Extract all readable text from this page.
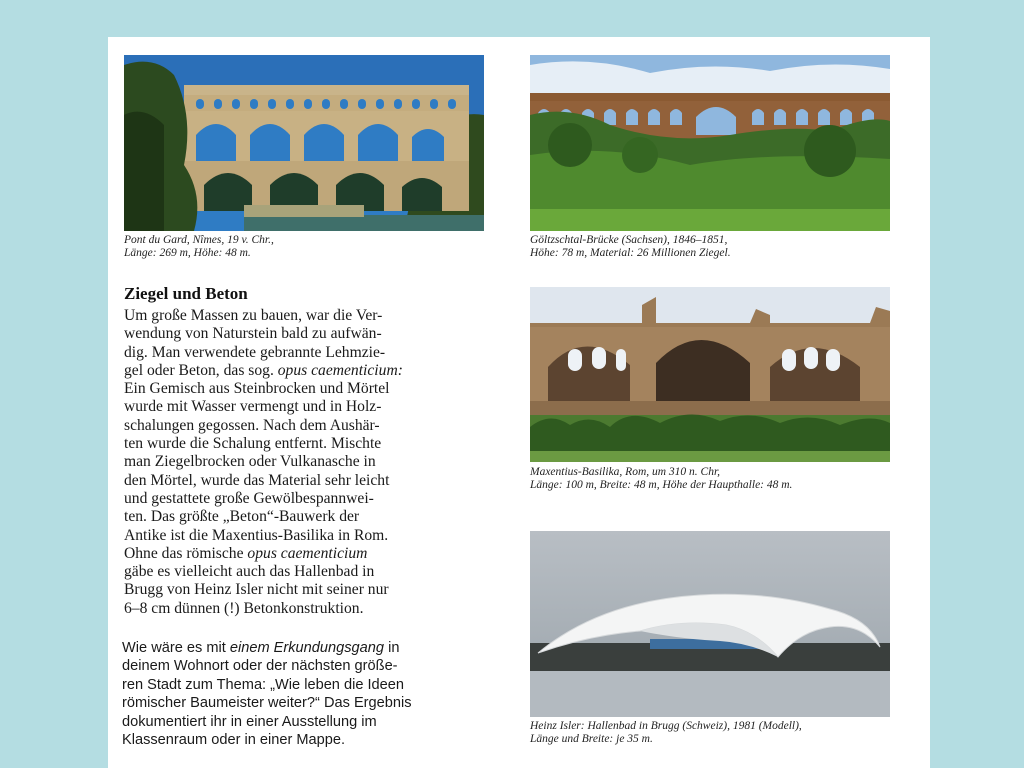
Pont du Gard, Nîmes, 19 v. Chr.,
Länge: 269 m, Höhe: 48 m.
Göltzschtal-Brücke (Sachsen), 1846–1851,
Höhe: 78 m, Material: 26 Millionen Ziegel.
Ziegel und Beton
Um große Massen zu bauen, war die Ver-
wendung von Naturstein bald zu aufwän-
dig. Man verwendete gebrannte Lehmzie-
gel oder Beton, das sog. opus caementicium:
Ein Gemisch aus Steinbrocken und Mörtel
wurde mit Wasser vermengt und in Holz-
schalungen gegossen. Nach dem Aushär-
ten wurde die Schalung entfernt. Mischte
man Ziegelbrocken oder Vulkanasche in
den Mörtel, wurde das Material sehr leicht
und gestattete große Gewölbespannwei-
ten. Das größte „Beton“-Bauwerk der
Antike ist die Maxentius-Basilika in Rom.
Ohne das römische opus caementicium
gäbe es vielleicht auch das Hallenbad in
Brugg von Heinz Isler nicht mit seiner nur
6–8 cm dünnen (!) Betonkonstruktion.
Wie wäre es mit einem Erkundungsgang in
deinem Wohnort oder der nächsten größe-
ren Stadt zum Thema: „Wie leben die Ideen
römischer Baumeister weiter?“ Das Ergebnis
dokumentiert ihr in einer Ausstellung im
Klassenraum oder in einer Mappe.
Maxentius-Basilika, Rom, um 310 n. Chr,
Länge: 100 m, Breite: 48 m, Höhe der Haupthalle: 48 m.
Heinz Isler: Hallenbad in Brugg (Schweiz), 1981 (Modell),
Länge und Breite: je 35 m.
